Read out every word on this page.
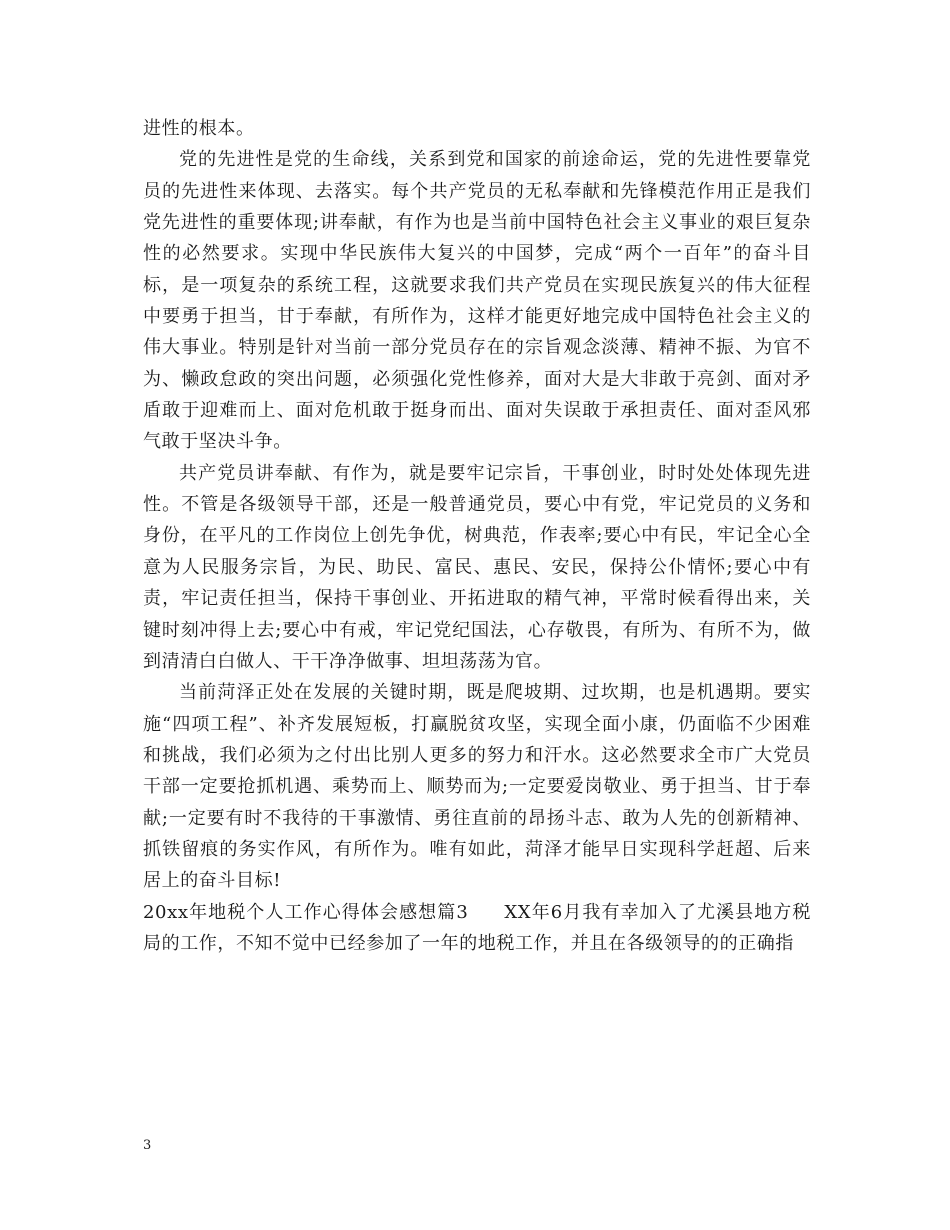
进性的根本。

党的先进性是党的生命线，关系到党和国家的前途命运，党的先进性要靠党员的先进性来体现、去落实。每个共产党员的无私奉献和先锋模范作用正是我们党先进性的重要体现;讲奉献，有作为也是当前中国特色社会主义事业的艰巨复杂性的必然要求。实现中华民族伟大复兴的中国梦，完成“两个一百年”的奋斗目标，是一项复杂的系统工程，这就要求我们共产党员在实现民族复兴的伟大征程中要勇于担当，甘于奉献，有所作为，这样才能更好地完成中国特色社会主义的伟大事业。特别是针对当前一部分党员存在的宗旨观念淡薄、精神不振、为官不为、懒政怠政的突出问题，必须强化党性修养，面对大是大非敢于亮剑、面对矛盾敢于迎难而上、面对危机敢于挺身而出、面对失误敢于承担责任、面对歪风邪气敢于坚决斗争。

共产党员讲奉献、有作为，就是要牢记宗旨，干事创业，时时处处体现先进性。不管是各级领导干部，还是一般普通党员，要心中有党，牢记党员的义务和身份，在平凡的工作岗位上创先争优，树典范，作表率;要心中有民，牢记全心全意为人民服务宗旨，为民、助民、富民、惠民、安民，保持公仆情怀;要心中有责，牢记责任担当，保持干事创业、开拓进取的精气神，平常时候看得出来，关键时刻冲得上去;要心中有戒，牢记党纪国法，心存敬畏，有所为、有所不为，做到清清白白做人、干干净净做事、坦坦荡荡为官。

当前菏泽正处在发展的关键时期，既是爬坡期、过坎期，也是机遇期。要实施“四项工程”、补齐发展短板，打赢脱贫攻坚，实现全面小康，仍面临不少困难和挑战，我们必须为之付出比别人更多的努力和汗水。这必然要求全市广大党员干部一定要抢抓机遇、乘势而上、顺势而为;一定要爱岗敬业、勇于担当、甘于奉献;一定要有时不我待的干事激情、勇往直前的昂扬斗志、敢为人先的创新精神、抓铁留痕的务实作风，有所作为。唯有如此，菏泽才能早日实现科学赶超、后来居上的奋斗目标!

20xx年地税个人工作心得体会感想篇3 XX年6月我有幸加入了尤溪县地方税局的工作，不知不觉中已经参加了一年的地税工作，并且在各级领导的的正确指

3
